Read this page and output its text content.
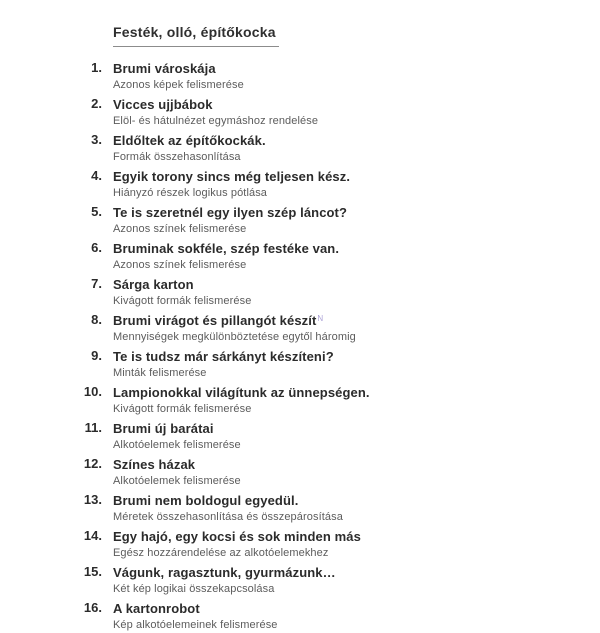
Festék, olló, építőkocka
1. Brumi városkája
Azonos képek felismerése
2. Vicces ujjbábok
Elöl- és hátulnézet egymáshoz rendelése
3. Eldőltek az építőkockák.
Formák összehasonlítása
4. Egyik torony sincs még teljesen kész.
Hiányzó részek logikus pótlása
5. Te is szeretnél egy ilyen szép láncot?
Azonos színek felismerése
6. Bruminak sokféle, szép festéke van.
Azonos színek felismerése
7. Sárga karton
Kivágott formák felismerése
8. Brumi virágot és pillangót készít$^N$
Mennyiségek megkülönböztetése egytől háromig
9. Te is tudsz már sárkányt készíteni?
Minták felismerése
10. Lampionokkal világítunk az ünnepségen.
Kivágott formák felismerése
11. Brumi új barátai
Alkotóelemek felismerése
12. Színes házak
Alkotóelemek felismerése
13. Brumi nem boldogul egyedül.
Méretek összehasonlítása és összepárosítása
14. Egy hajó, egy kocsi és sok minden más
Egész hozzárendelése az alkotóelemekhez
15. Vágunk, ragasztunk, gyurmázunk…
Két kép logikai összekapcsolása
16. A kartonrobot
Kép alkotóelemeinek felismerése
